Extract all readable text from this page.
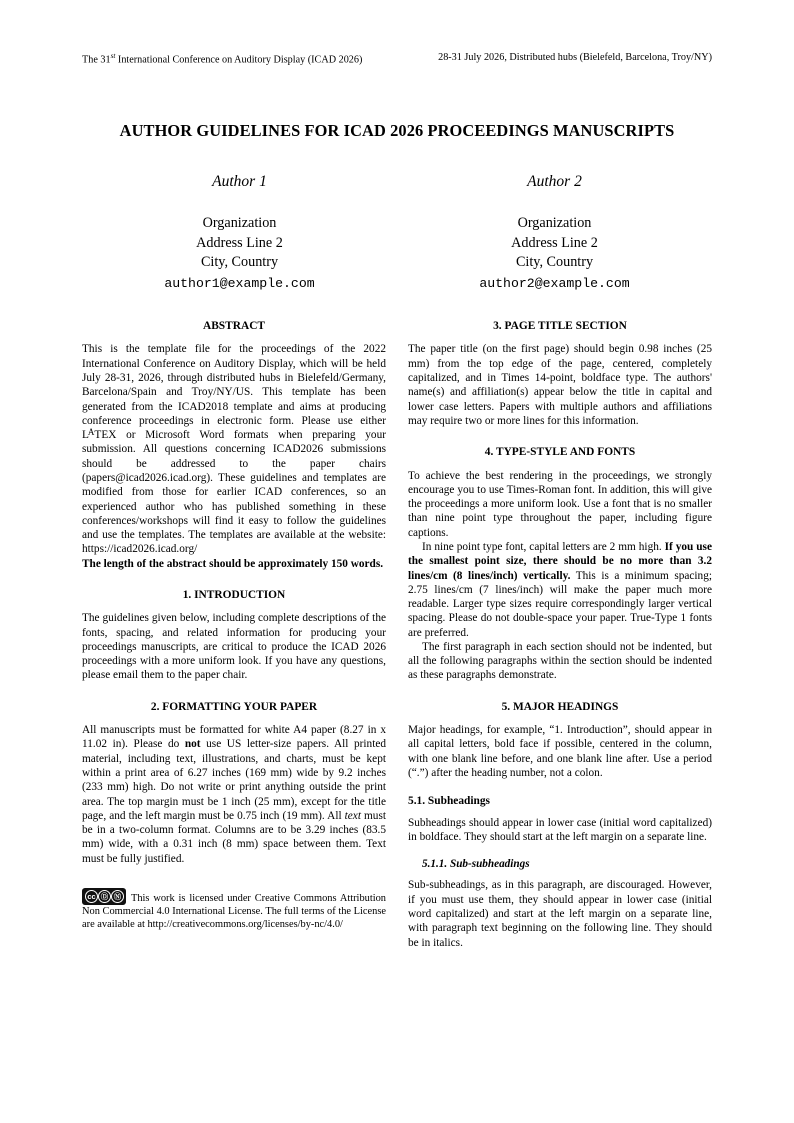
The 31st International Conference on Auditory Display (ICAD 2026)	28-31 July 2026, Distributed hubs (Bielefeld, Barcelona, Troy/NY)
AUTHOR GUIDELINES FOR ICAD 2026 PROCEEDINGS MANUSCRIPTS
Author 1
Organization
Address Line 2
City, Country
author1@example.com
Author 2
Organization
Address Line 2
City, Country
author2@example.com
ABSTRACT

This is the template file for the proceedings of the 2022 International Conference on Auditory Display, which will be held July 28-31, 2026, through distributed hubs in Bielefeld/Germany, Barcelona/Spain and Troy/NY/US. This template has been generated from the ICAD2018 template and aims at producing conference proceedings in electronic form. Please use either $L^ATEX$ or Microsoft Word formats when preparing your submission. All questions concerning ICAD2026 submissions should be addressed to the paper chairs (papers@icad2026.icad.org). These guidelines and templates are modified from those for earlier ICAD conferences, so an experienced author who has published something in these conferences/workshops will find it easy to follow the guidelines and use the templates. The templates are available at the website: https://icad2026.icad.org/

The length of the abstract should be approximately 150 words.

1. INTRODUCTION

The guidelines given below, including complete descriptions of the fonts, spacing, and related information for producing your proceedings manuscripts, are critical to produce the ICAD 2026 proceedings with a more uniform look. If you have any questions, please email them to the paper chair.

2. FORMATTING YOUR PAPER

All manuscripts must be formatted for white A4 paper (8.27 in x 11.02 in). Please do not use US letter-size papers. All printed material, including text, illustrations, and charts, must be kept within a print area of 6.27 inches (169 mm) wide by 9.2 inches (233 mm) high. Do not write or print anything outside the print area. The top margin must be 1 inch (25 mm), except for the title page, and the left margin must be 0.75 inch (19 mm). All text must be in a two-column format. Columns are to be 3.29 inches (83.5 mm) wide, with a 0.31 inch (8 mm) space between them. Text must be fully justified.

cc Ⓓ Ⓝ This work is licensed under Creative Commons Attribution Non Commercial 4.0 International License. The full terms of the License are available at http://creativecommons.org/licenses/by-nc/4.0/
3. PAGE TITLE SECTION

The paper title (on the first page) should begin 0.98 inches (25 mm) from the top edge of the page, centered, completely capitalized, and in Times 14-point, boldface type. The authors' name(s) and affiliation(s) appear below the title in capital and lower case letters. Papers with multiple authors and affiliations may require two or more lines for this information.

4. TYPE-STYLE AND FONTS

To achieve the best rendering in the proceedings, we strongly encourage you to use Times-Roman font. In addition, this will give the proceedings a more uniform look. Use a font that is no smaller than nine point type throughout the paper, including figure captions.

In nine point type font, capital letters are 2 mm high. If you use the smallest point size, there should be no more than 3.2 lines/cm (8 lines/inch) vertically. This is a minimum spacing; 2.75 lines/cm (7 lines/inch) will make the paper much more readable. Larger type sizes require correspondingly larger vertical spacing. Please do not double-space your paper. True-Type 1 fonts are preferred.

The first paragraph in each section should not be indented, but all the following paragraphs within the section should be indented as these paragraphs demonstrate.

5. MAJOR HEADINGS

Major headings, for example, “1. Introduction”, should appear in all capital letters, bold face if possible, centered in the column, with one blank line before, and one blank line after. Use a period (“.”) after the heading number, not a colon.

5.1. Subheadings

Subheadings should appear in lower case (initial word capitalized) in boldface. They should start at the left margin on a separate line.

5.1.1. Sub-subheadings

Sub-subheadings, as in this paragraph, are discouraged. However, if you must use them, they should appear in lower case (initial word capitalized) and start at the left margin on a separate line, with paragraph text beginning on the following line. They should be in italics.
